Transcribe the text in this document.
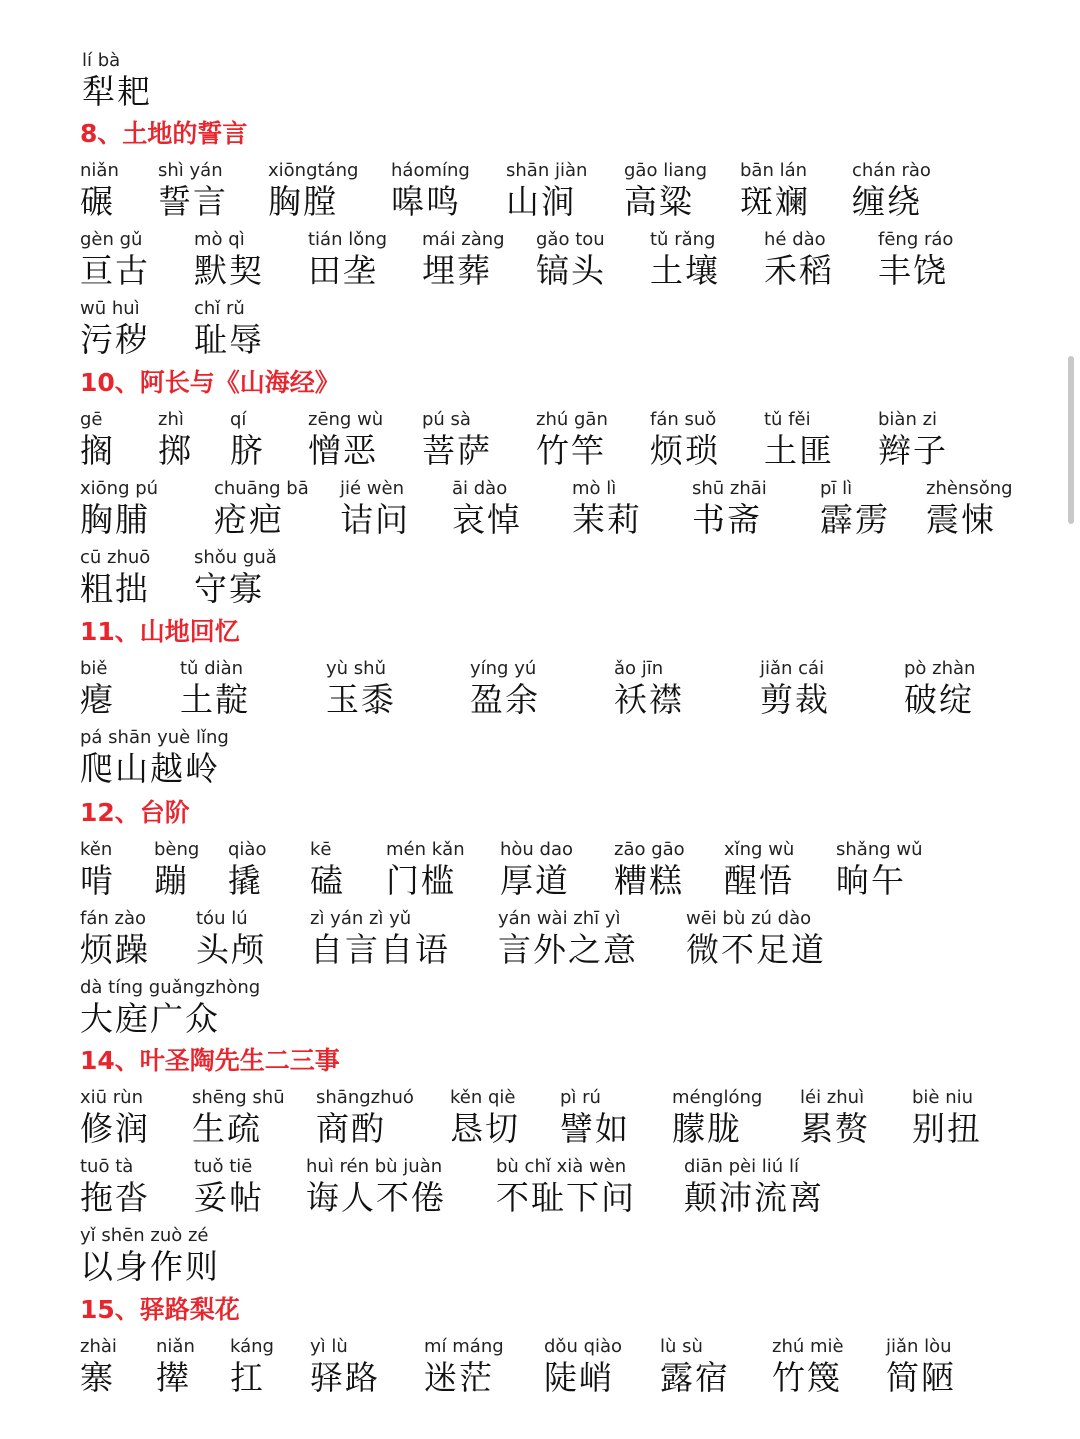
lí bà
犁耙
8、土地的誓言
niǎn
碾
shì yán
誓言
xiōngtáng
胸膛
háomíng
嗥鸣
shān jiàn
山涧
gāo liang
高粱
bān lán
斑斓
chán rào
缠绕
gèn gǔ
亘古
mò qì
默契
tián lǒng
田垄
mái zàng
埋葬
gǎo tou
镐头
tǔ rǎng
土壤
hé dào
禾稻
fēng ráo
丰饶
wū huì
污秽
chǐ rǔ
耻辱
10、阿长与《山海经》
gē
搁
zhì
掷
qí
脐
zēng wù
憎恶
pú sà
菩萨
zhú gān
竹竿
fán suǒ
烦琐
tǔ fěi
土匪
biàn zi
辫子
xiōng pú
胸脯
chuāng bā
疮疤
jié wèn
诘问
āi dào
哀悼
mò lì
茉莉
shū zhāi
书斋
pī lì
霹雳
zhènsǒng
震悚
cū zhuō
粗拙
shǒu guǎ
守寡
11、山地回忆
biě
瘪
tǔ diàn
土靛
yù shǔ
玉黍
yíng yú
盈余
ǎo jīn
袄襟
jiǎn cái
剪裁
pò zhàn
破绽
pá shān yuè lǐng
爬山越岭
12、台阶
kěn
啃
bèng
蹦
qiào
撬
kē
磕
mén kǎn
门槛
hòu dao
厚道
zāo gāo
糟糕
xǐng wù
醒悟
shǎng wǔ
晌午
fán zào
烦躁
tóu lú
头颅
zì yán zì yǔ
自言自语
yán wài zhī yì
言外之意
wēi bù zú dào
微不足道
dà tíng guǎngzhòng
大庭广众
14、叶圣陶先生二三事
xiū rùn
修润
shēng shū
生疏
shāngzhuó
商酌
kěn qiè
恳切
pì rú
譬如
ménglóng
朦胧
léi zhuì
累赘
biè niu
别扭
tuō tà
拖沓
tuǒ tiē
妥帖
huì rén bù juàn
诲人不倦
bù chǐ xià wèn
不耻下问
diān pèi liú lí
颠沛流离
yǐ shēn zuò zé
以身作则
15、驿路梨花
zhài
寨
niǎn
撵
káng
扛
yì lù
驿路
mí máng
迷茫
dǒu qiào
陡峭
lù sù
露宿
zhú miè
竹篾
jiǎn lòu
简陋
